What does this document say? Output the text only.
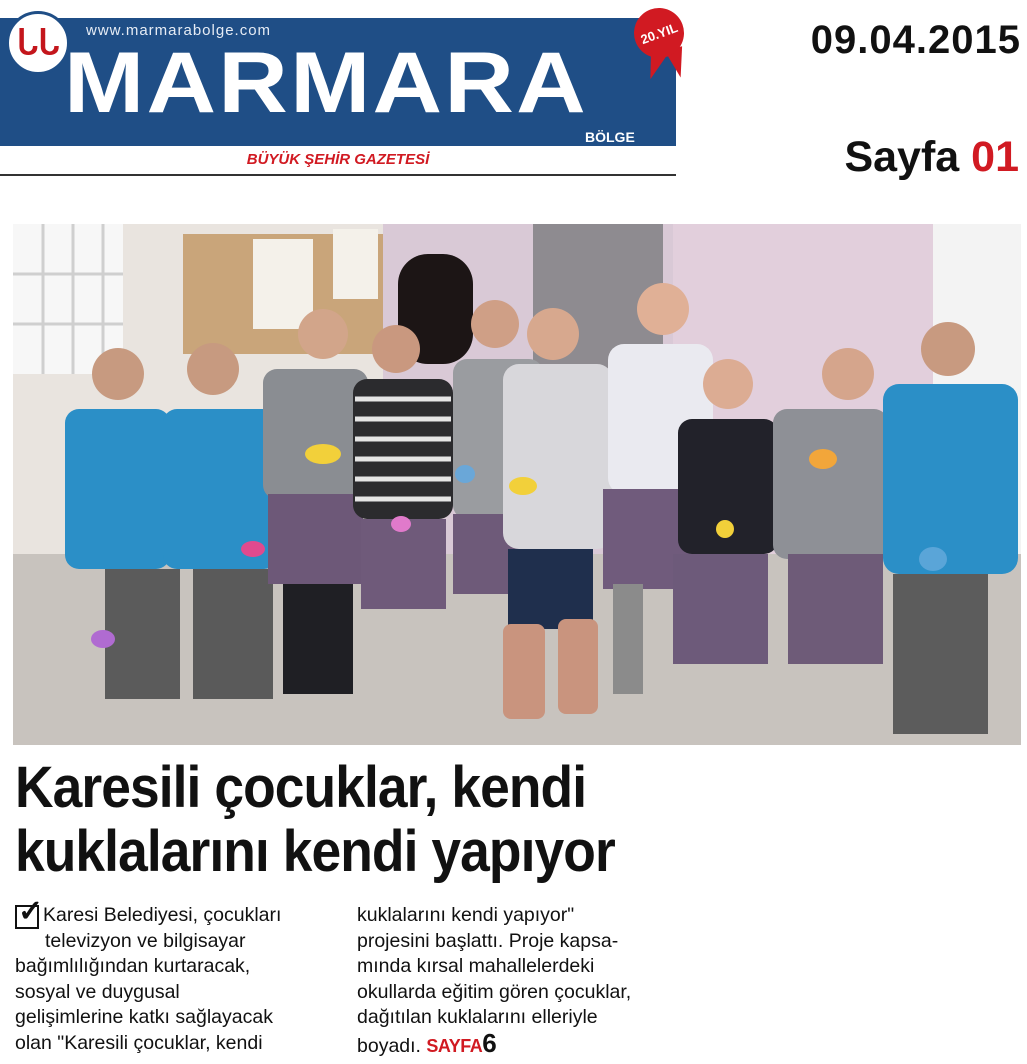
ᒐᒐ www.marmarabolge.com
MARMARA
BÖLGE
20.YIL
BÜYÜK ŞEHİR GAZETESİ
09.04.2015
Sayfa 01
Karesili çocuklar, kendi
kuklalarını kendi yapıyor
✓

Karesi Belediyesi, çocukları

televizyon ve bilgisayar

bağımlılığından kurtaracak,

sosyal ve duygusal

gelişimlerine katkı sağlayacak

olan "Karesili çocuklar, kendi

kuklalarını kendi yapıyor"

projesini başlattı. Proje kapsa-

mında kırsal mahallelerdeki

okullarda eğitim gören çocuklar,

dağıtılan kuklalarını elleriyle

boyadı. SAYFA6
